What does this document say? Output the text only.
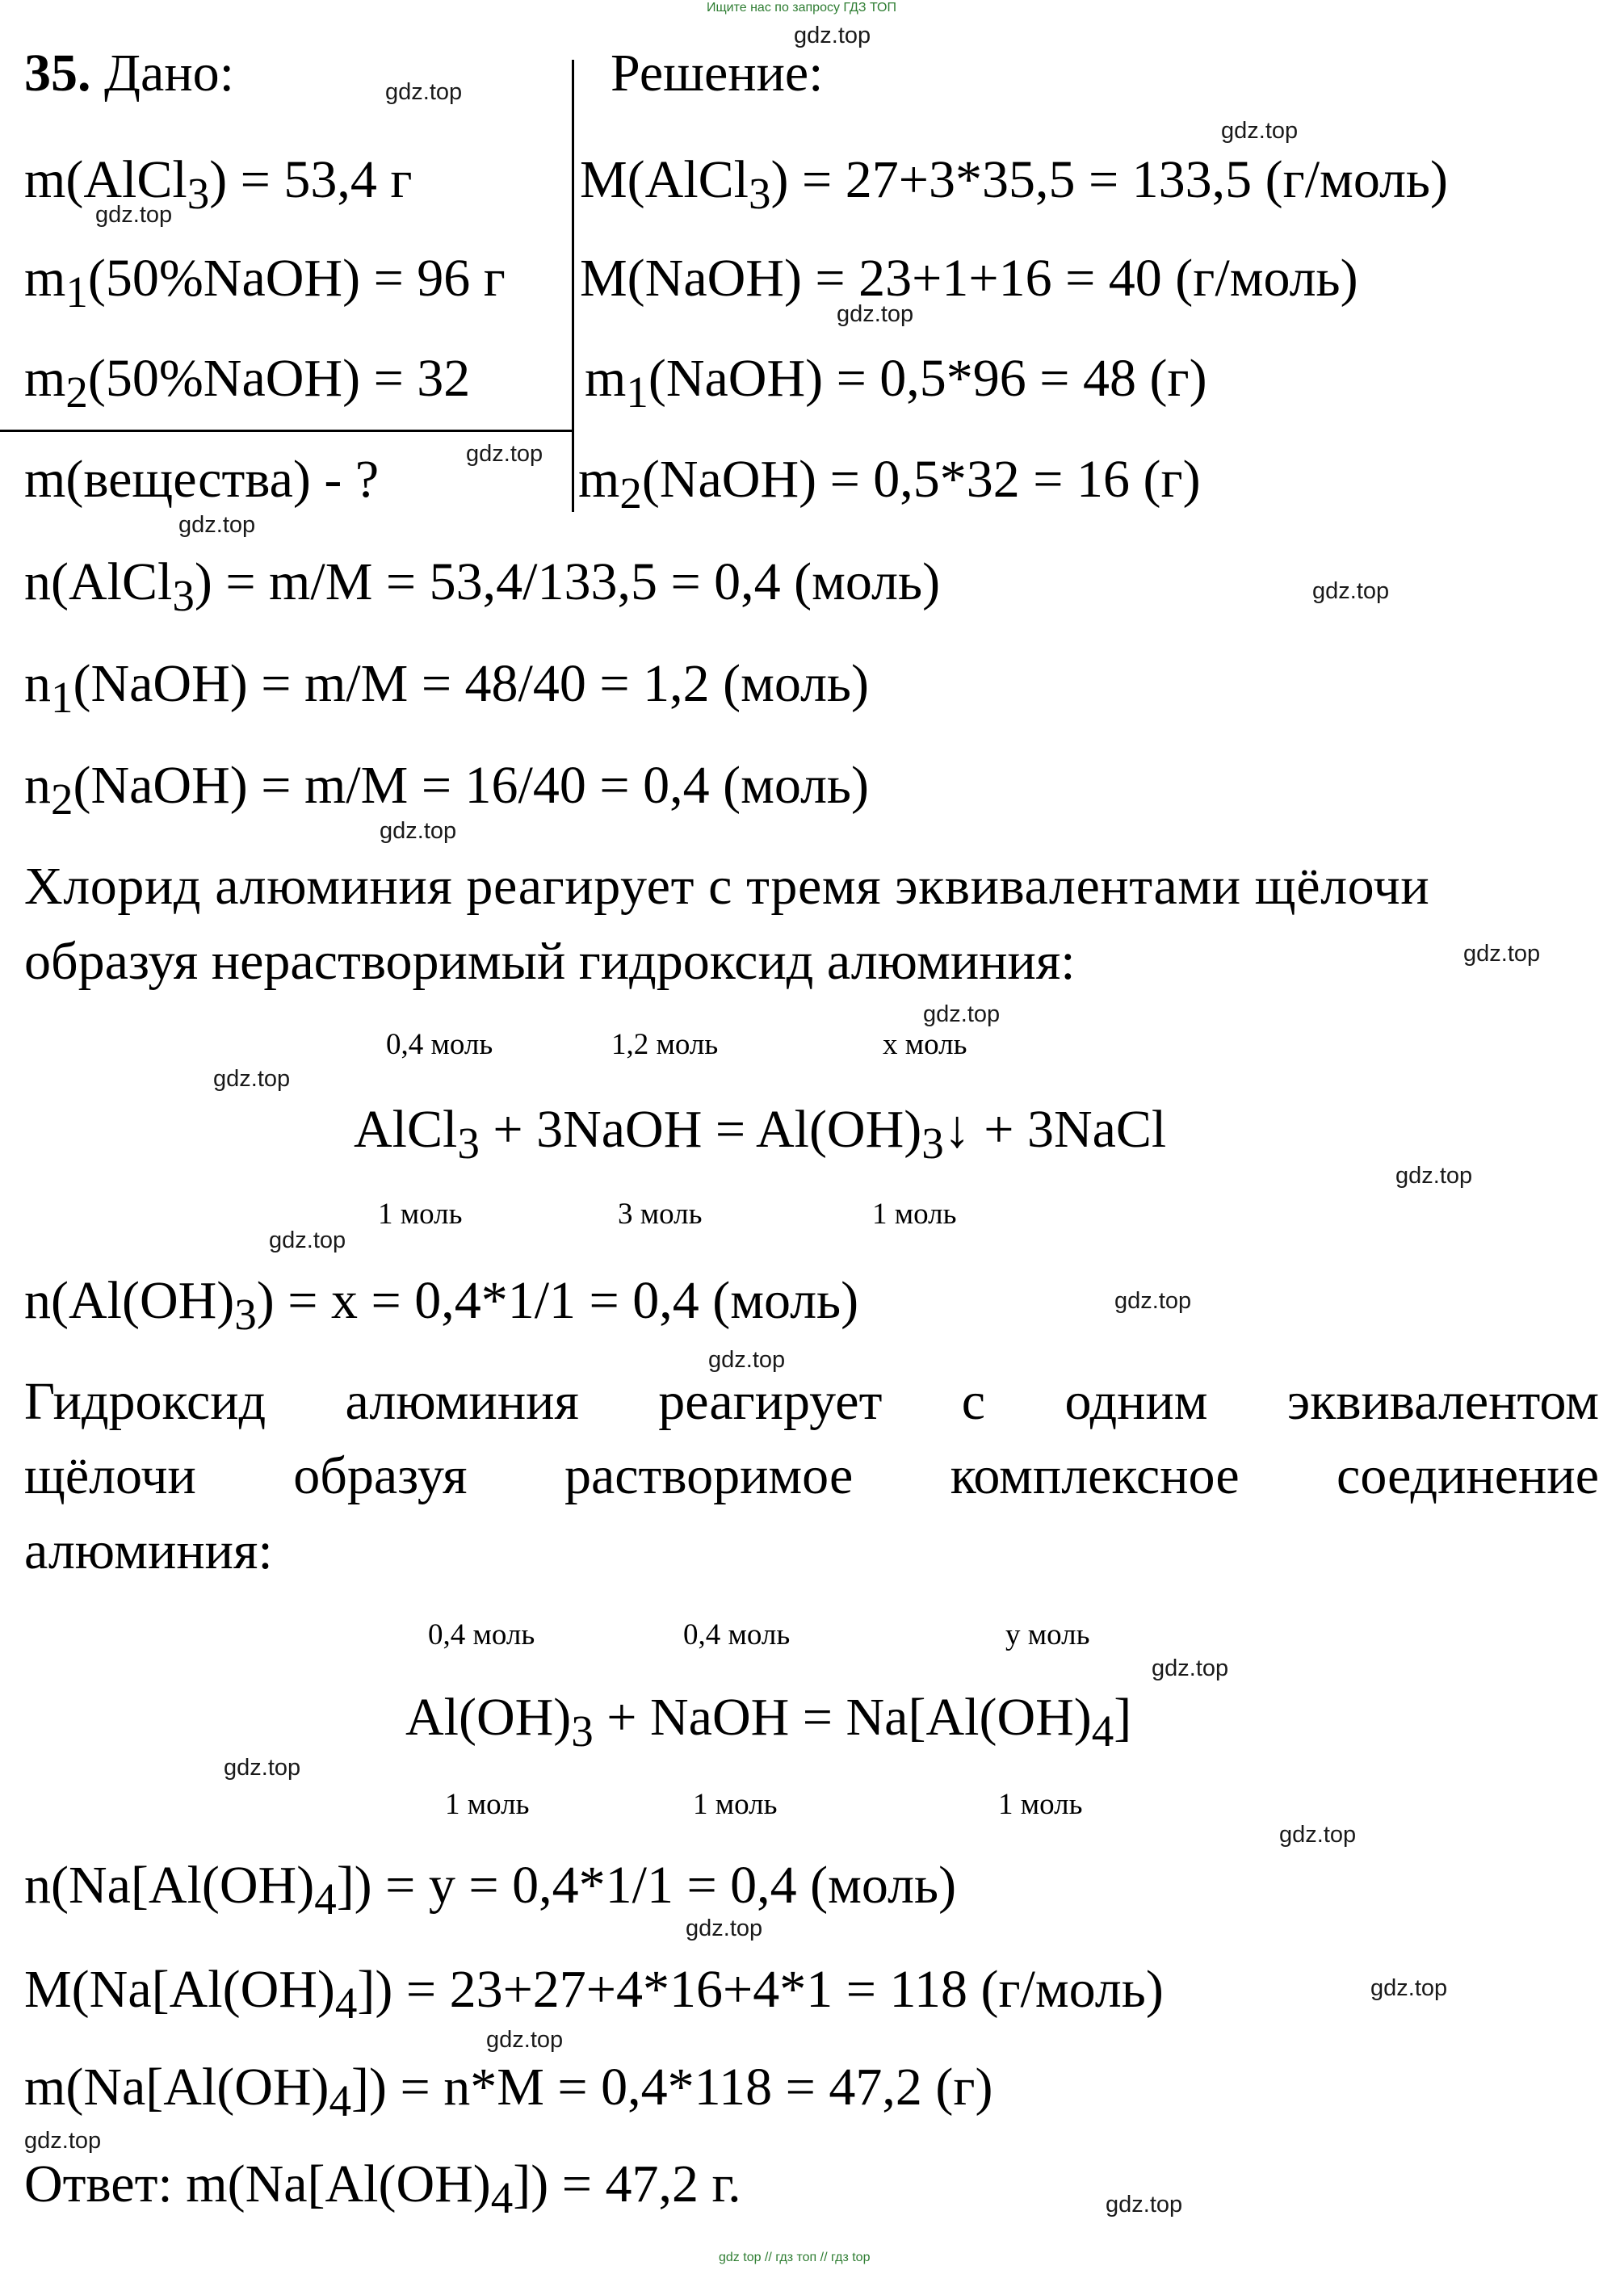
Ищите нас по запросу ГДЗ ТОП
35. Дано:	Решение:
m(AlCl$_3$) = 53,4 г
$m_1(50\%NaOH) = 96$ г
$m_2(50\%NaOH) = 32$
m(вещества) - ?
M(AlCl$_3$) = 27+3*35,5 = 133,5 (г/моль)
M(NaOH) = 23+1+16 = 40 (г/моль)
$m_1(NaOH) = 0,5*96 = 48$ (г)
$m_2(NaOH) = 0,5*32 = 16$ (г)
n(AlCl$_3$) = m/M = 53,4/133,5 = 0,4 (моль)
$n_1(NaOH) = m/M = 48/40 = 1,2$ (моль)
$n_2(NaOH) = m/M = 16/40 = 0,4$ (моль)
Хлорид алюминия реагирует с тремя эквивалентами щёлочи
образуя нерастворимый гидроксид алюминия:
0,4 моль	1,2 моль	x моль
AlCl$_3$ + 3NaOH = $Al(OH)_3↓$ + 3NaCl
1 моль	3 моль	1 моль
$n(Al(OH)_3) = x = 0,4*1/1 = 0,4$ (моль)
Гидроксид алюминия реагирует с одним эквивалентом
щёлочи образуя растворимое комплексное соединение
алюминия:
0,4 моль	0,4 моль	y моль
$Al(OH)_3$ + NaOH = $Na[Al(OH)_4]$
1 моль	1 моль	1 моль
$n(Na[Al(OH)_4]) = y = 0,4*1/1 = 0,4$ (моль)
$M(Na[Al(OH)_4]) = 23+27+4*16+4*1 = 118$ (г/моль)
$m(Na[Al(OH)_4]) = n*M = 0,4*118 = 47,2$ (г)
Ответ: $m(Na[Al(OH)_4]) = 47,2$ г.
gdz.top
gdz.top
gdz.top
gdz.top
gdz.top
gdz.top
gdz.top
gdz.top
gdz.top
gdz.top
gdz.top
gdz.top
gdz.top
gdz.top
gdz.top
gdz.top
gdz.top
gdz.top
gdz.top
gdz.top
gdz.top
gdz.top
gdz.top
gdz.top
gdz top // гдз топ // гдз top
